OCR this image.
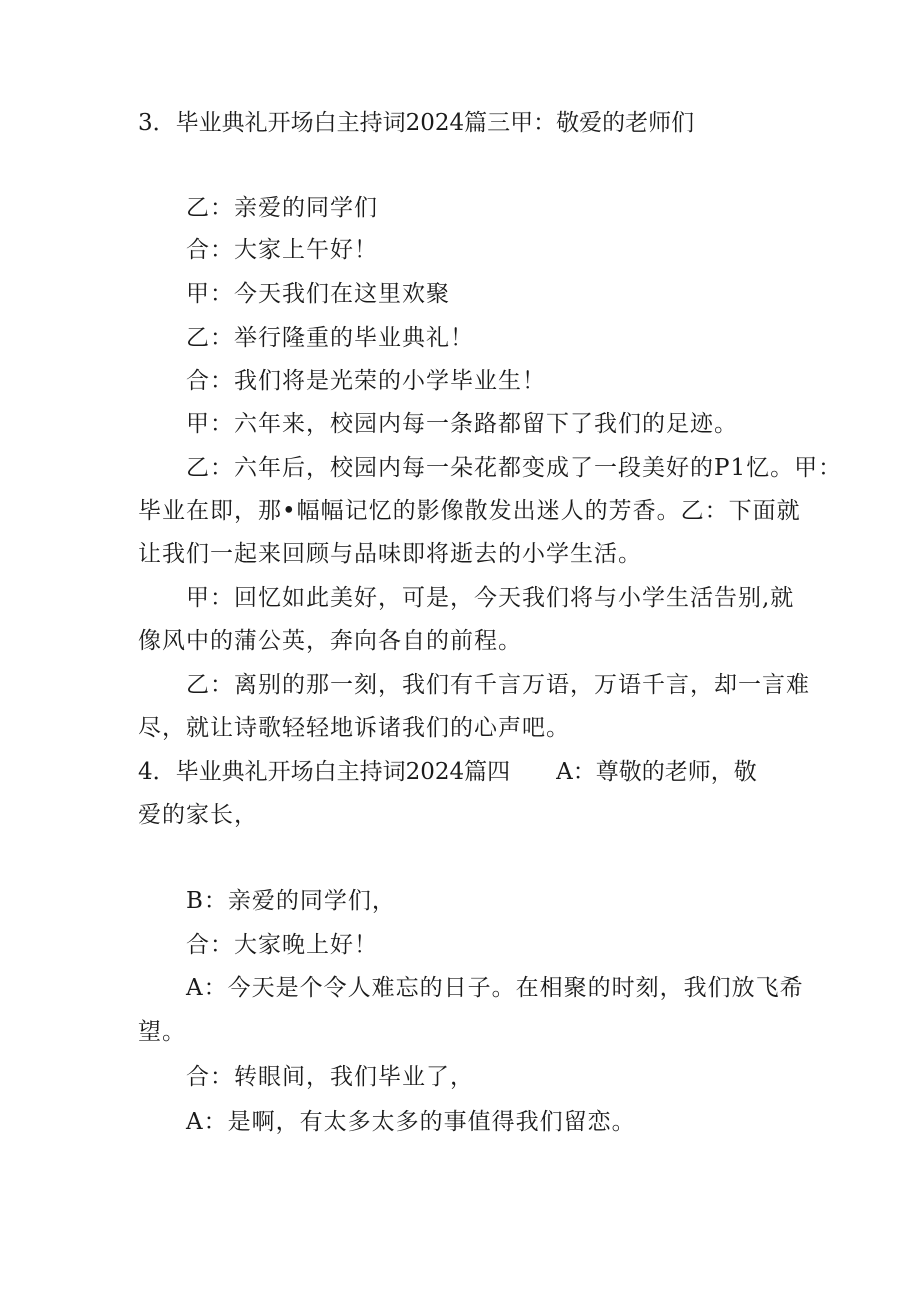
3．毕业典礼开场白主持词2024篇三甲：敬爱的老师们
乙：亲爱的同学们
合：大家上午好！
甲：今天我们在这里欢聚
乙：举行隆重的毕业典礼！
合：我们将是光荣的小学毕业生！
甲：六年来，校园内每一条路都留下了我们的足迹。
乙：六年后，校园内每一朵花都变成了一段美好的P1忆。甲：
毕业在即，那•幅幅记忆的影像散发出迷人的芳香。乙：下面就
让我们一起来回顾与品味即将逝去的小学生活。
甲：回忆如此美好，可是，今天我们将与小学生活告别,就
像风中的蒲公英，奔向各自的前程。
乙：离别的那一刻，我们有千言万语，万语千言，却一言难
尽，就让诗歌轻轻地诉诸我们的心声吧。
4．毕业典礼开场白主持词2024篇四 A：尊敬的老师，敬
爱的家长，
B：亲爱的同学们，
合：大家晚上好！
A：今天是个令人难忘的日子。在相聚的时刻，我们放飞希
望。
合：转眼间，我们毕业了，
A：是啊，有太多太多的事值得我们留恋。
